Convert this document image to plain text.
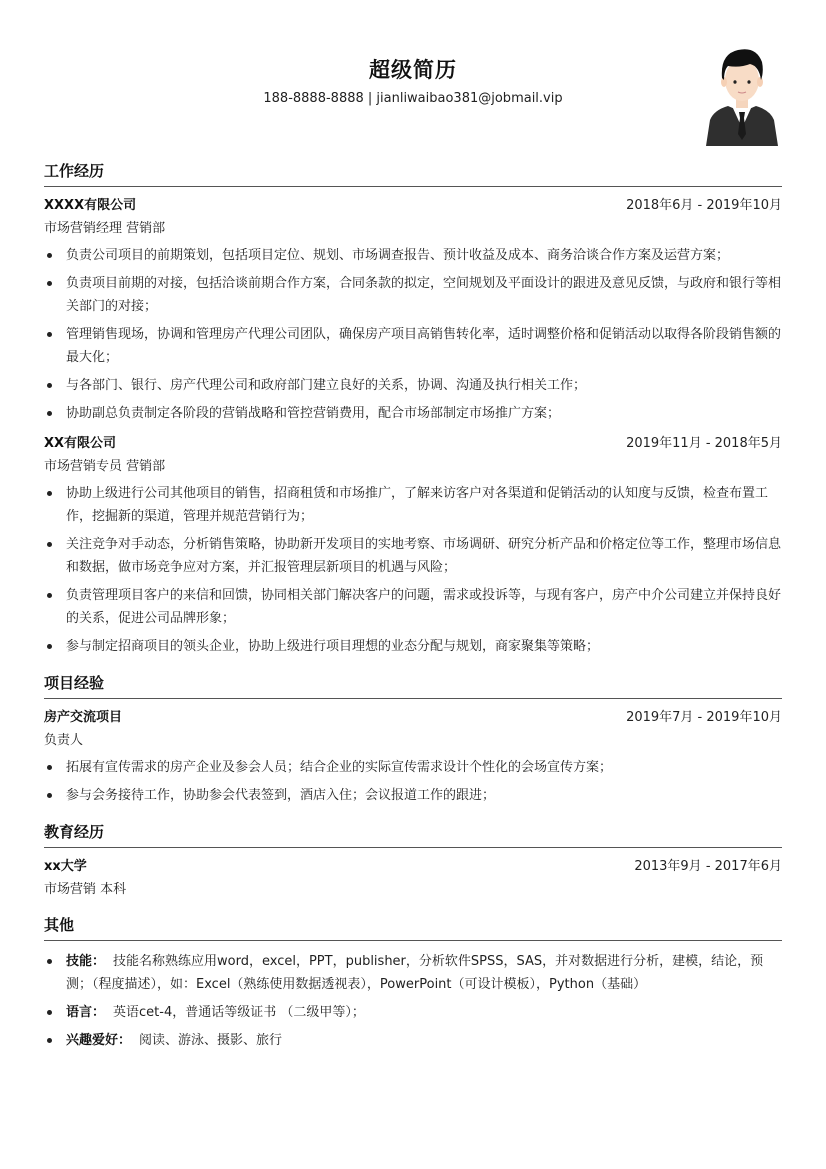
超级简历
188-8888-8888 | jianliwaibao381@jobmail.vip
工作经历
XXXX有限公司	2018年6月 - 2019年10月
市场营销经理 营销部
负责公司项目的前期策划，包括项目定位、规划、市场调查报告、预计收益及成本、商务洽谈合作方案及运营方案；
负责项目前期的对接，包括洽谈前期合作方案，合同条款的拟定，空间规划及平面设计的跟进及意见反馈，与政府和银行等相关部门的对接；
管理销售现场，协调和管理房产代理公司团队，确保房产项目高销售转化率，适时调整价格和促销活动以取得各阶段销售额的最大化；
与各部门、银行、房产代理公司和政府部门建立良好的关系，协调、沟通及执行相关工作；
协助副总负责制定各阶段的营销战略和管控营销费用，配合市场部制定市场推广方案；
XX有限公司	2019年11月 - 2018年5月
市场营销专员 营销部
协助上级进行公司其他项目的销售，招商租赁和市场推广，了解来访客户对各渠道和促销活动的认知度与反馈，检查布置工作，挖掘新的渠道，管理并规范营销行为；
关注竞争对手动态，分析销售策略，协助新开发项目的实地考察、市场调研、研究分析产品和价格定位等工作，整理市场信息和数据，做市场竞争应对方案，并汇报管理层新项目的机遇与风险；
负责管理项目客户的来信和回馈，协同相关部门解决客户的问题，需求或投诉等，与现有客户，房产中介公司建立并保持良好的关系，促进公司品牌形象；
参与制定招商项目的领头企业，协助上级进行项目理想的业态分配与规划，商家聚集等策略；
项目经验
房产交流项目	2019年7月 - 2019年10月
负责人
拓展有宣传需求的房产企业及参会人员；结合企业的实际宣传需求设计个性化的会场宣传方案；
参与会务接待工作，协助参会代表签到，酒店入住；会议报道工作的跟进；
教育经历
xx大学	2013年9月 - 2017年6月
市场营销 本科
其他
技能： 技能名称熟练应用word，excel，PPT，publisher，分析软件SPSS，SAS，并对数据进行分析，建模，结论，预测；（程度描述），如：Excel（熟练使用数据透视表），PowerPoint（可设计模板），Python（基础）
语言： 英语cet-4，普通话等级证书 （二级甲等）；
兴趣爱好： 阅读、游泳、摄影、旅行
